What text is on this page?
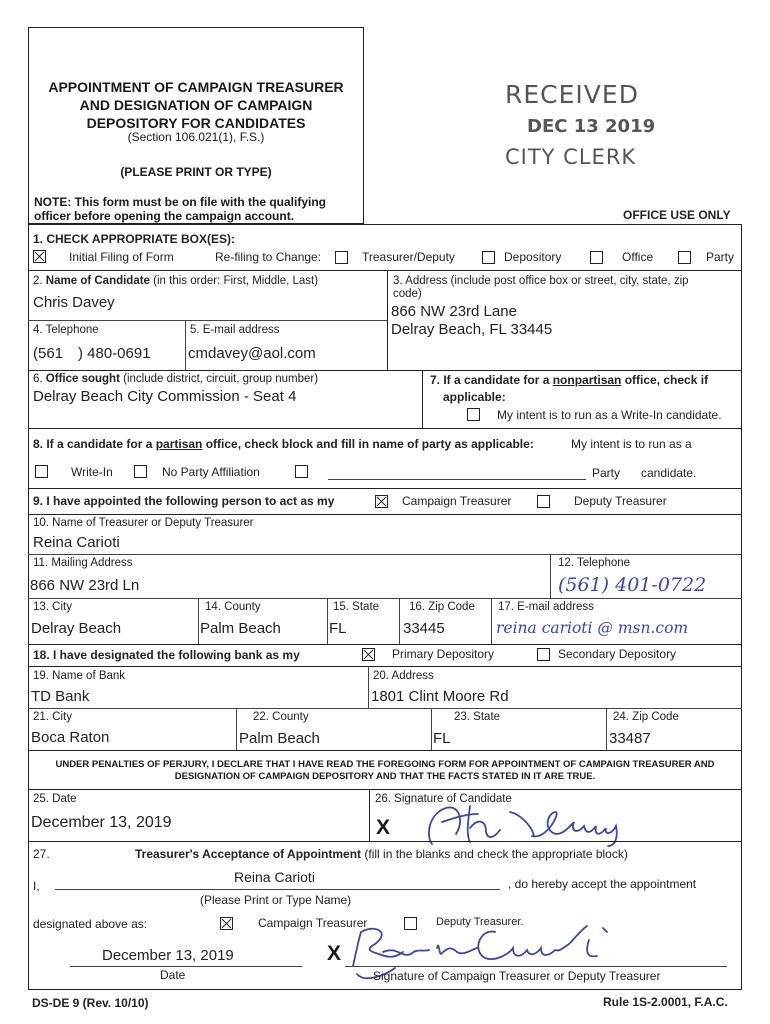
APPOINTMENT OF CAMPAIGN TREASURER
AND DESIGNATION OF CAMPAIGN
DEPOSITORY FOR CANDIDATES
(Section 106.021(1), F.S.)
(PLEASE PRINT OR TYPE)
NOTE: This form must be on file with the qualifying
officer before opening the campaign account.
RECEIVED
DEC 13 2019
CITY CLERK
OFFICE USE ONLY
1. CHECK APPROPRIATE BOX(ES):
Initial Filing of Form	Re-filing to Change:	Treasurer/Deputy	Depository	Office	Party
2. Name of Candidate (in this order: First, Middle, Last)
Chris Davey
3. Address (include post office box or street, city, state, zip
code)
866 NW 23rd Lane
Delray Beach, FL 33445
4. Telephone	5. E-mail address
(561 ) 480-0691 cmdavey@aol.com
6. Office sought (include district, circuit, group number)
Delray Beach City Commission - Seat 4
7. If a candidate for a nonpartisan office, check if
applicable:
My intent is to run as a Write-In candidate.
8. If a candidate for a partisan office, check block and fill in name of party as applicable:	My intent is to run as a
Write-In	No Party Affiliation	Party candidate.
9. I have appointed the following person to act as my	Campaign Treasurer	Deputy Treasurer
10. Name of Treasurer or Deputy Treasurer
Reina Carioti
11. Mailing Address
866 NW 23rd Ln
12. Telephone
(561) 401-0722
13. City
Delray Beach
14. County
Palm Beach
15. State
FL
16. Zip Code
33445
17. E-mail address
reina carioti @ msn.com
18. I have designated the following bank as my	Primary Depository	Secondary Depository
19. Name of Bank
TD Bank
20. Address
1801 Clint Moore Rd
21. City
Boca Raton
22. County
Palm Beach
23. State
FL
24. Zip Code
33487
UNDER PENALTIES OF PERJURY, I DECLARE THAT I HAVE READ THE FOREGOING FORM FOR APPOINTMENT OF CAMPAIGN TREASURER AND
DESIGNATION OF CAMPAIGN DEPOSITORY AND THAT THE FACTS STATED IN IT ARE TRUE.
25. Date
December 13, 2019
26. Signature of Candidate
X
27.	Treasurer's Acceptance of Appointment (fill in the blanks and check the appropriate block)
I,
Reina Carioti	, do hereby accept the appointment
(Please Print or Type Name)
designated above as:	Campaign Treasurer	Deputy Treasurer.
December 13, 2019
Date
X
Signature of Campaign Treasurer or Deputy Treasurer
DS-DE 9 (Rev. 10/10)	Rule 1S-2.0001, F.A.C.
